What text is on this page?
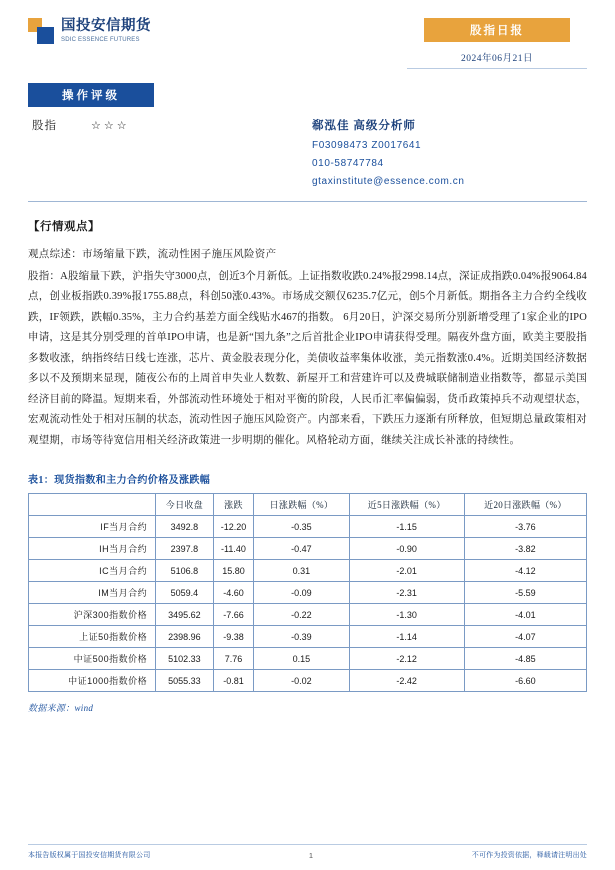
国投安信期货
SDIC ESSENCE FUTURES
股指日报
2024年06月21日
操作评级
股指	☆☆☆	郗泓佳 高级分析师
F03098473 Z0017641
010-58747784
gtaxinstitute@essence.com.cn
【行情观点】
观点综述：市场缩量下跌，流动性困子施压风险资产
股指：A股缩量下跌，沪指失守3000点，创近3个月新低。上证指数收跌0.24%报2998.14点，深证成指跌0.04%报9064.84点，创业板指跌0.39%报1755.88点，科创50涨0.43%。市场成交额仅6235.7亿元，创5个月新低。期指各主力合约全线收跌，IF领跌，跌幅0.35%，主力合约基差方面全线贴水467的指数。 6月20日，沪深交易所分别新增受理了1家企业的IPO申请，这是其分别受理的首单IPO申请，也是新“国九条”之后首批企业IPO申请获得受理。隔夜外盘方面，欧美主要股指多数收涨，纳指终结日线七连涨，芯片、黄金股表现分化，美债收益率集体收涨，美元指数涨0.4%。近期美国经济数据多以不及预期来显现，随夜公布的上周首申失业人数数、新屋开工和营建许可以及费城联储制造业指数等，都显示美国经济目前的降温。短期来看，外部流动性环境处于相对平衡的阶段，人民币汇率偏偏弱，货币政策掉兵不动观望状态，宏观流动性处于相对压制的状态，流动性因子施压风险资产。内部来看，下跌压力逐渐有所释放，但短期总量政策相对观望期，市场等待宽信用相关经济政策进一步明期的催化。风格轮动方面，继续关注成长补涨的持续性。
表1：现货指数和主力合约价格及涨跌幅
	今日收盘	涨跌	日涨跌幅（%）	近5日涨跌幅（%）	近20日涨跌幅（%）
IF当月合约	3492.8	-12.20	-0.35	-1.15	-3.76
IH当月合约	2397.8	-11.40	-0.47	-0.90	-3.82
IC当月合约	5106.8	15.80	0.31	-2.01	-4.12
IM当月合约	5059.4	-4.60	-0.09	-2.31	-5.59
沪深300指数价格	3495.62	-7.66	-0.22	-1.30	-4.01
上证50指数价格	2398.96	-9.38	-0.39	-1.14	-4.07
中证500指数价格	5102.33	7.76	0.15	-2.12	-4.85
中证1000指数价格	5055.33	-0.81	-0.02	-2.42	-6.60
数据来源：wind
本报告版权属于国投安信期货有限公司	1	不可作为投资依据，释载请注明出处
